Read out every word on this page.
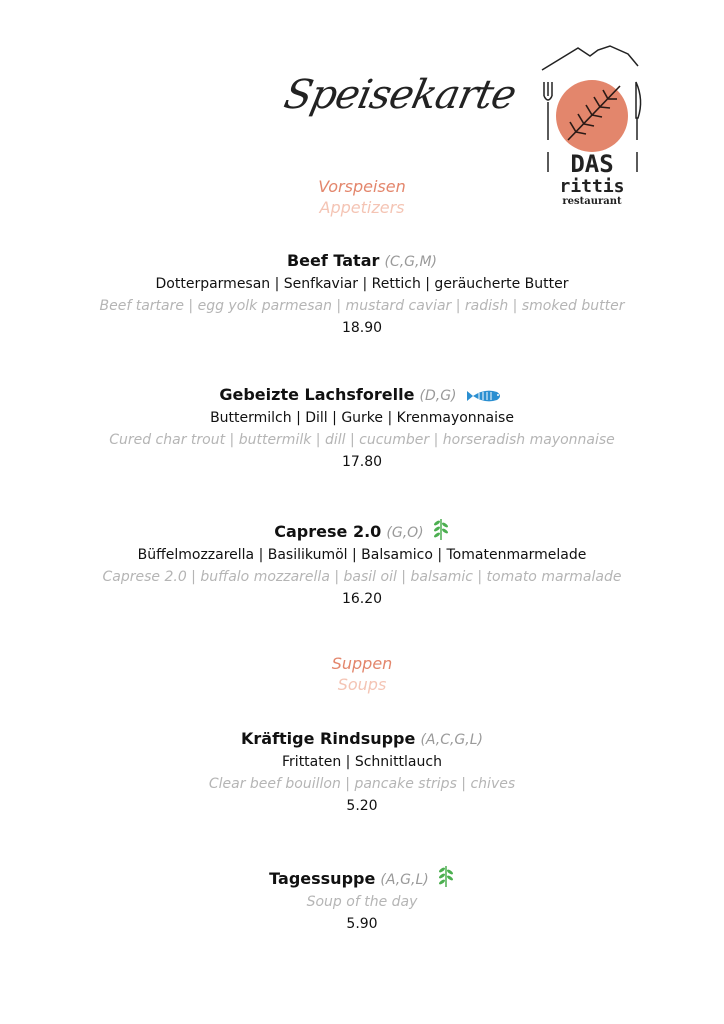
Speisekarte
DAS
rittis
restaurant
Vorspeisen
Appetizers
Beef Tatar (C,G,M)
Dotterparmesan | Senfkaviar | Rettich | geräucherte Butter
Beef tartare | egg yolk parmesan | mustard caviar | radish | smoked butter
18.90
Gebeizte Lachsforelle (D,G)
Buttermilch | Dill | Gurke | Krenmayonnaise
Cured char trout | buttermilk | dill | cucumber | horseradish mayonnaise
17.80
Caprese 2.0 (G,O)
Büffelmozzarella | Basilikumöl | Balsamico | Tomatenmarmelade
Caprese 2.0 | buffalo mozzarella | basil oil | balsamic | tomato marmalade
16.20
Suppen
Soups
Kräftige Rindsuppe (A,C,G,L)
Frittaten | Schnittlauch
Clear beef bouillon | pancake strips | chives
5.20
Tagessuppe (A,G,L)
Soup of the day
5.90
